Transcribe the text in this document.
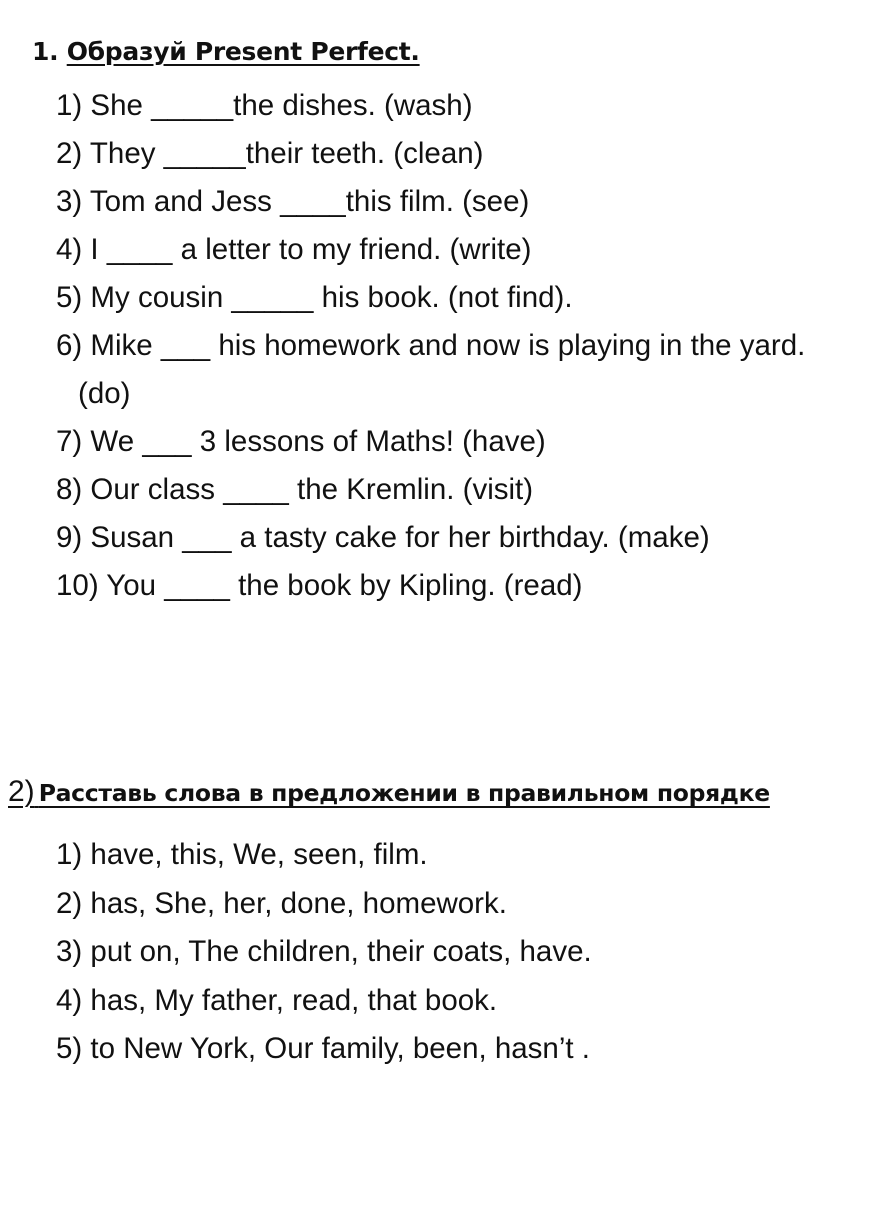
1. Образуй Present Perfect.
1) She _____the dishes. (wash)
2) They _____their teeth. (clean)
3) Tom and Jess ____this film. (see)
4) I ____ a letter to my friend. (write)
5) My cousin _____ his book. (not find).
6) Mike ___ his homework and now is playing in the yard.
(do)
7) We ___ 3 lessons of Maths! (have)
8) Our class ____ the Kremlin. (visit)
9) Susan ___ a tasty cake for her birthday. (make)
10) You ____ the book by Kipling. (read)
2) Расставь слова в предложении в правильном порядке
1) have, this, We, seen, film.
2) has, She, her, done, homework.
3) put on, The children, their coats, have.
4) has, My father, read, that book.
5) to New York, Our family, been, hasn’t .
